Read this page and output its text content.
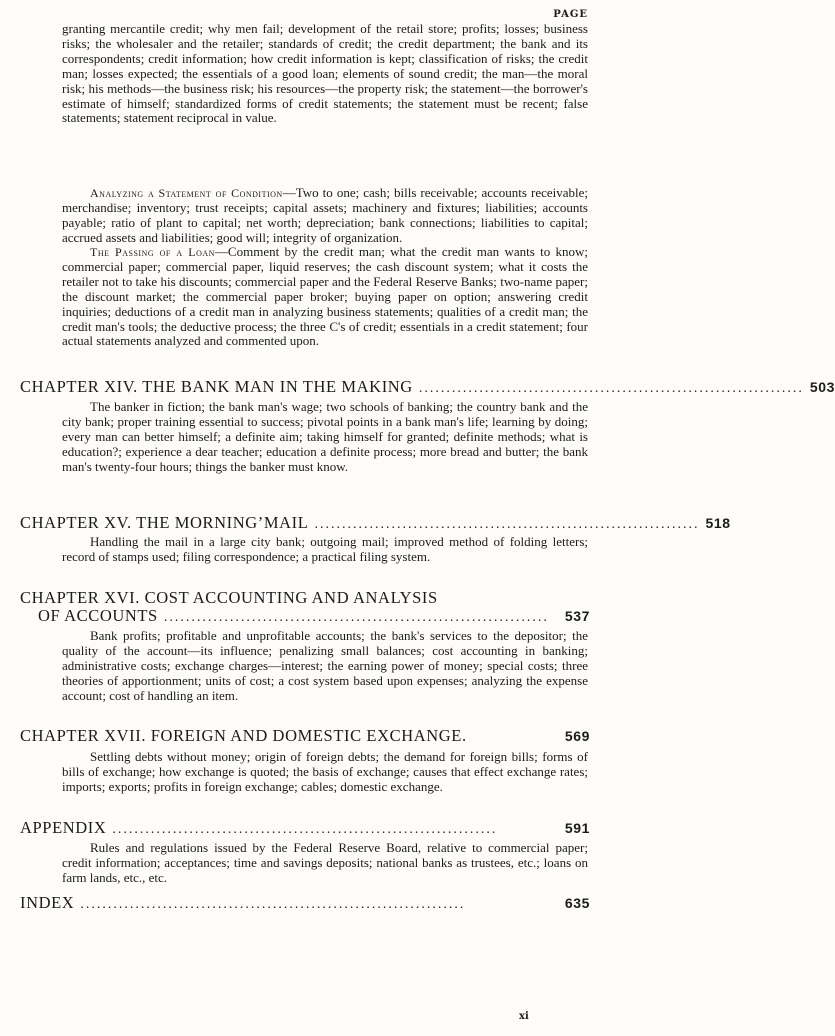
PAGE

granting mercantile credit; why men fail; development of the retail store; profits; losses; business risks; the wholesaler and the retailer; standards of credit; the credit department; the bank and its correspondents; credit information; how credit information is kept; classification of risks; the credit man; losses expected; the essentials of a good loan; elements of sound credit; the man—the moral risk; his methods—the business risk; his resources—the property risk; the statement—the borrower's estimate of himself; standardized forms of credit statements; the statement must be recent; false statements; statement reciprocal in value.

Analyzing a Statement of Condition—Two to one; cash; bills receivable; accounts receivable; merchandise; inventory; trust receipts; capital assets; machinery and fixtures; liabilities; accounts payable; ratio of plant to capital; net worth; depreciation; bank connections; liabilities to capital; accrued assets and liabilities; good will; integrity of organization.

The Passing of a Loan—Comment by the credit man; what the credit man wants to know; commercial paper; commercial paper, liquid reserves; the cash discount system; what it costs the retailer not to take his discounts; commercial paper and the Federal Reserve Banks; two-name paper; the discount market; the commercial paper broker; buying paper on option; answering credit inquiries; deductions of a credit man in analyzing business statements; qualities of a credit man; the credit man's tools; the deductive process; the three C's of credit; essentials in a credit statement; four actual statements analyzed and commented upon.

CHAPTER XIV. THE BANK MAN IN THE MAKING ...................................................................... 503

The banker in fiction; the bank man's wage; two schools of banking; the country bank and the city bank; proper training essential to success; pivotal points in a bank man's life; learning by doing; every man can better himself; a definite aim; taking himself for granted; definite methods; what is education?; experience a dear teacher; education a definite process; more bread and butter; the bank man's twenty-four hours; things the banker must know.

CHAPTER XV. THE MORNING’MAIL ...................................................................... 518

Handling the mail in a large city bank; outgoing mail; improved method of folding letters; record of stamps used; filing correspondence; a practical filing system.

CHAPTER XVI. COST ACCOUNTING AND ANALYSIS
OF ACCOUNTS ......................................................................	537

Bank profits; profitable and unprofitable accounts; the bank's services to the depositor; the quality of the account—its influence; penalizing small balances; cost accounting in banking; administrative costs; exchange charges—interest; the earning power of money; special costs; three theories of apportionment; units of cost; a cost system based upon expenses; analyzing the expense account; cost of handling an item.

CHAPTER XVII. FOREIGN AND DOMESTIC EXCHANGE.	569

Settling debts without money; origin of foreign debts; the demand for foreign bills; forms of bills of exchange; how exchange is quoted; the basis of exchange; causes that effect exchange rates; imports; exports; profits in foreign exchange; cables; domestic exchange.

APPENDIX ......................................................................	591

Rules and regulations issued by the Federal Reserve Board, relative to commercial paper; credit information; acceptances; time and savings deposits; national banks as trustees, etc.; loans on farm lands, etc., etc.

INDEX ......................................................................	635
xi
